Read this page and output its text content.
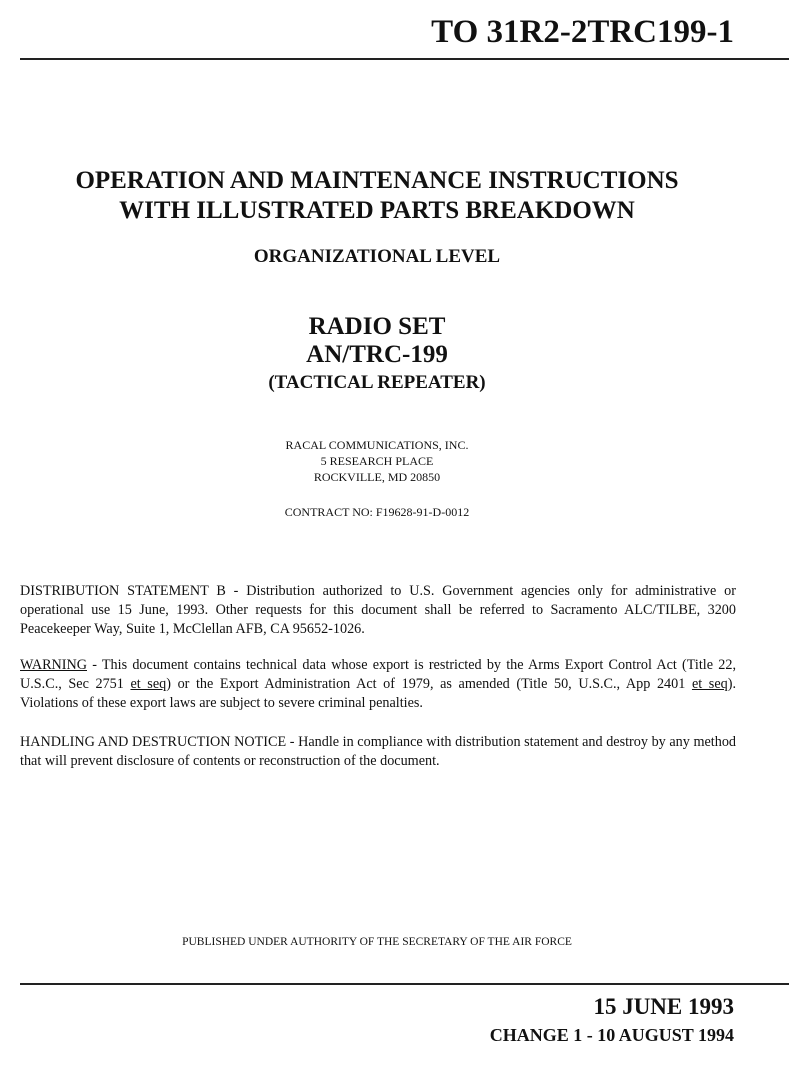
TO 31R2-2TRC199-1
OPERATION AND MAINTENANCE INSTRUCTIONS
WITH ILLUSTRATED PARTS BREAKDOWN
ORGANIZATIONAL LEVEL
RADIO SET
AN/TRC-199
(TACTICAL REPEATER)
RACAL COMMUNICATIONS, INC.
5 RESEARCH PLACE
ROCKVILLE, MD 20850
CONTRACT NO: F19628-91-D-0012
DISTRIBUTION STATEMENT B - Distribution authorized to U.S. Government agencies only for administrative or operational use 15 June, 1993. Other requests for this document shall be referred to Sacramento ALC/TILBE, 3200 Peacekeeper Way, Suite 1, McClellan AFB, CA 95652-1026.
WARNING - This document contains technical data whose export is restricted by the Arms Export Control Act (Title 22, U.S.C., Sec 2751 et seq) or the Export Administration Act of 1979, as amended (Title 50, U.S.C., App 2401 et seq). Violations of these export laws are subject to severe criminal penalties.
HANDLING AND DESTRUCTION NOTICE - Handle in compliance with distribution statement and destroy by any method that will prevent disclosure of contents or reconstruction of the document.
PUBLISHED UNDER AUTHORITY OF THE SECRETARY OF THE AIR FORCE
15 JUNE 1993
CHANGE 1 - 10 AUGUST 1994
